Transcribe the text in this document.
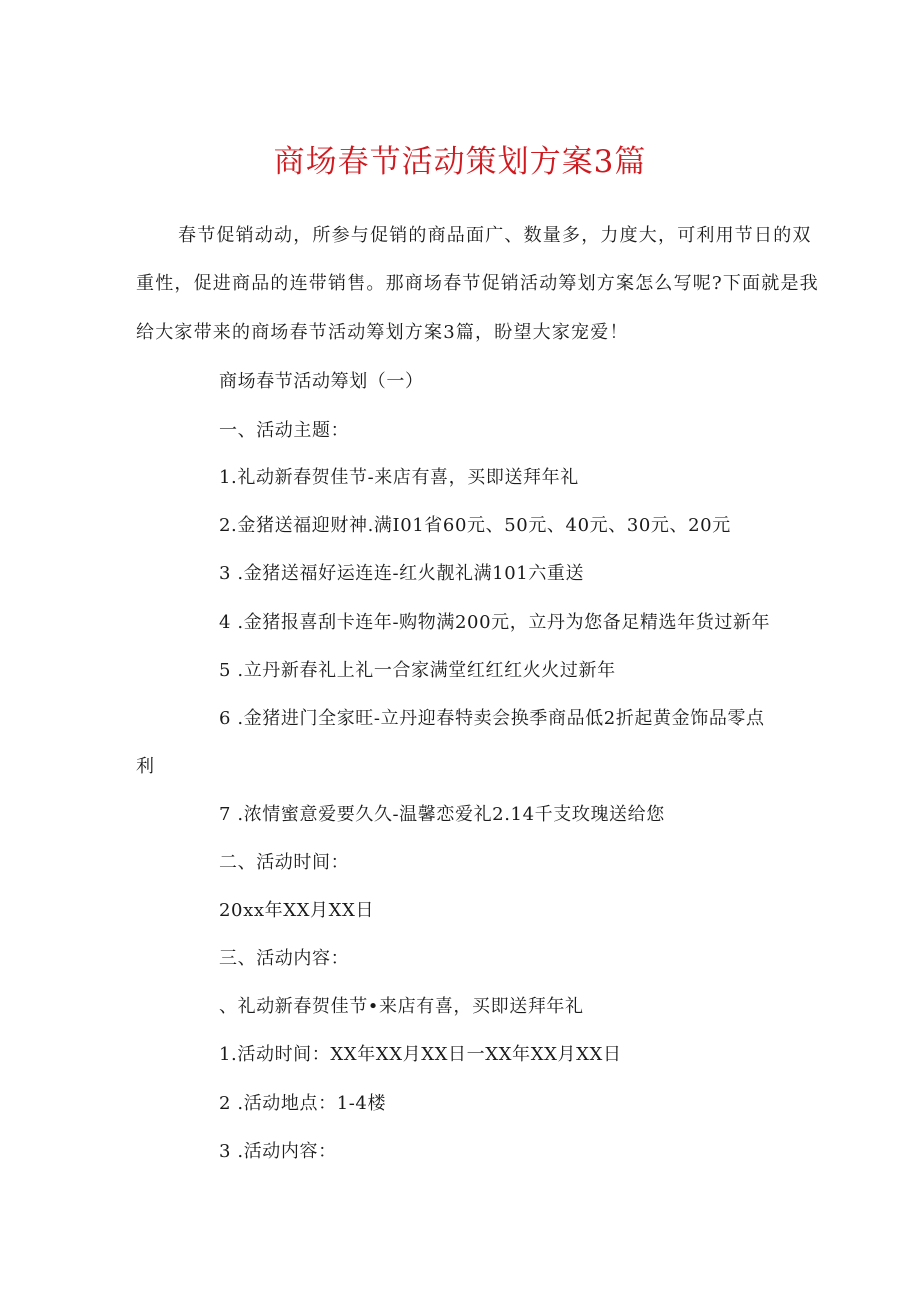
商场春节活动策划方案3篇
春节促销动动，所参与促销的商品面广、数量多，力度大，可利用节日的双
重性，促进商品的连带销售。那商场春节促销活动筹划方案怎么写呢?下面就是我
给大家带来的商场春节活动筹划方案3篇，盼望大家宠爱！
商场春节活动筹划（一）
一、活动主题：
1.礼动新春贺佳节-来店有喜，买即送拜年礼
2.金猪送福迎财神.满I01省60元、50元、40元、30元、20元
3 .金猪送福好运连连-红火靓礼满101六重送
4 .金猪报喜刮卡连年-购物满200元，立丹为您备足精选年货过新年
5 .立丹新春礼上礼一合家满堂红红红火火过新年
6 .金猪进门全家旺-立丹迎春特卖会换季商品低2折起黄金饰品零点
利
7 .浓情蜜意爱要久久-温馨恋爱礼2.14千支玫瑰送给您
二、活动时间：
20xx年XX月XX日
三、活动内容：
、礼动新春贺佳节•来店有喜，买即送拜年礼
1.活动时间：XX年XX月XX日一XX年XX月XX日
2 .活动地点：1-4楼
3 .活动内容：
